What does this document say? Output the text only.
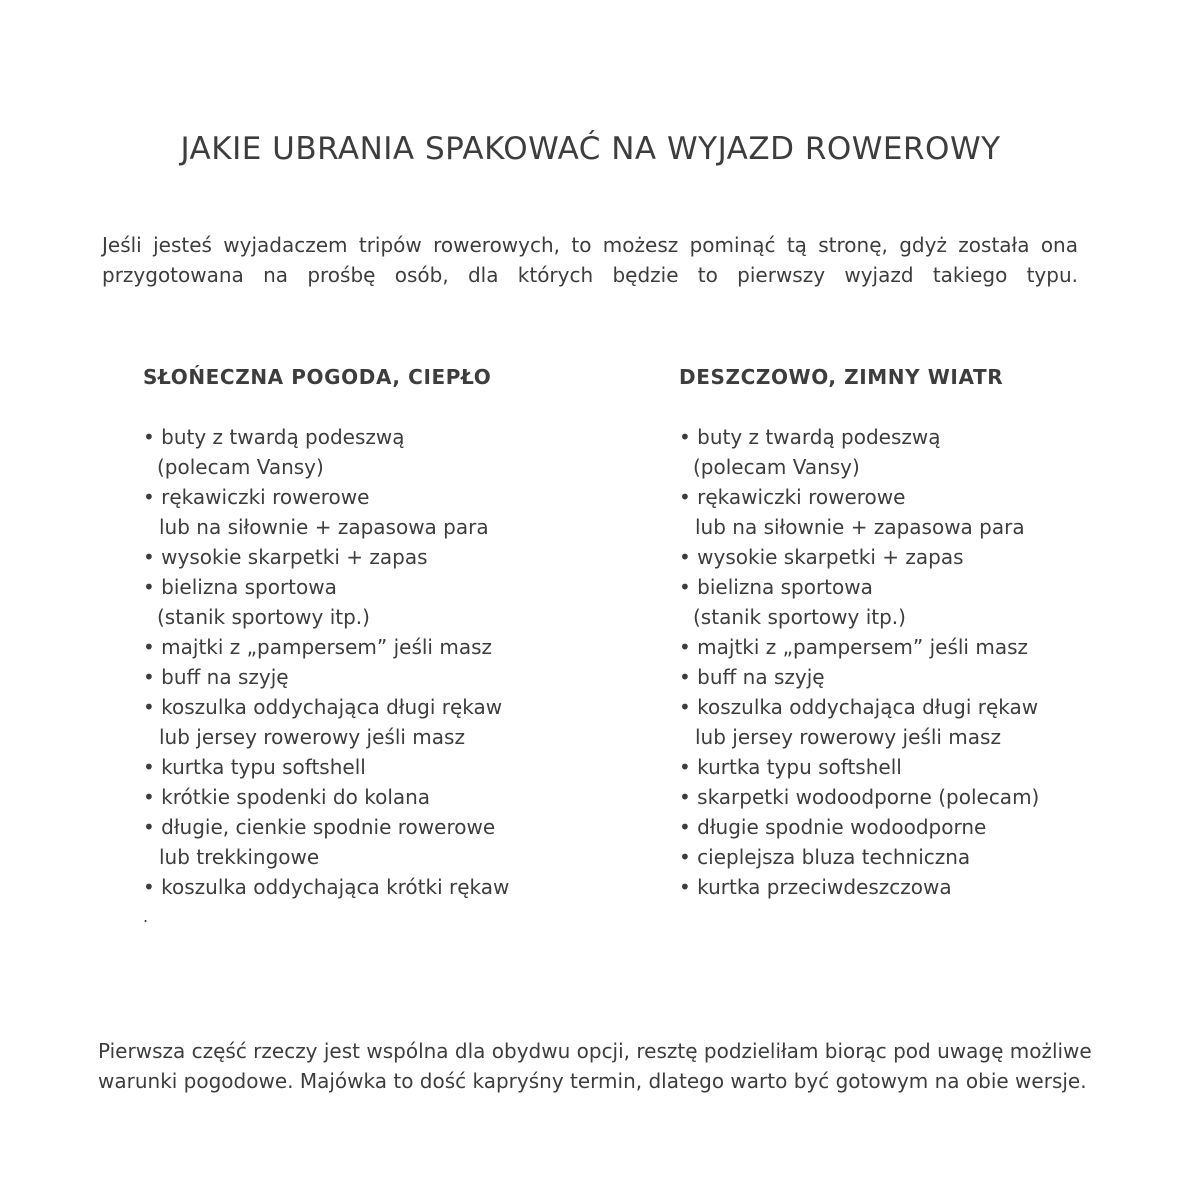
JAKIE UBRANIA SPAKOWAĆ NA WYJAZD ROWEROWY

Jeśli jesteś wyjadaczem tripów rowerowych, to możesz pominąć tą stronę, gdyż została ona przygotowana na prośbę osób, dla których będzie to pierwszy wyjazd takiego typu.

SŁOŃECZNA POGODA, CIEPŁO
• buty z twardą podeszwą
(polecam Vansy)
• rękawiczki rowerowe
lub na siłownie + zapasowa para
• wysokie skarpetki + zapas
• bielizna sportowa
(stanik sportowy itp.)
• majtki z „pampersem” jeśli masz
• buff na szyję
• koszulka oddychająca długi rękaw
lub jersey rowerowy jeśli masz
• kurtka typu softshell
• krótkie spodenki do kolana
• długie, cienkie spodnie rowerowe
lub trekkingowe
• koszulka oddychająca krótki rękaw
.
DESZCZOWO, ZIMNY WIATR
• buty z twardą podeszwą
(polecam Vansy)
• rękawiczki rowerowe
lub na siłownie + zapasowa para
• wysokie skarpetki + zapas
• bielizna sportowa
(stanik sportowy itp.)
• majtki z „pampersem” jeśli masz
• buff na szyję
• koszulka oddychająca długi rękaw
lub jersey rowerowy jeśli masz
• kurtka typu softshell
• skarpetki wodoodporne (polecam)
• długie spodnie wodoodporne
• cieplejsza bluza techniczna
• kurtka przeciwdeszczowa

Pierwsza część rzeczy jest wspólna dla obydwu opcji, resztę podzieliłam biorąc pod uwagę możliwe
warunki pogodowe. Majówka to dość kapryśny termin, dlatego warto być gotowym na obie wersje.
